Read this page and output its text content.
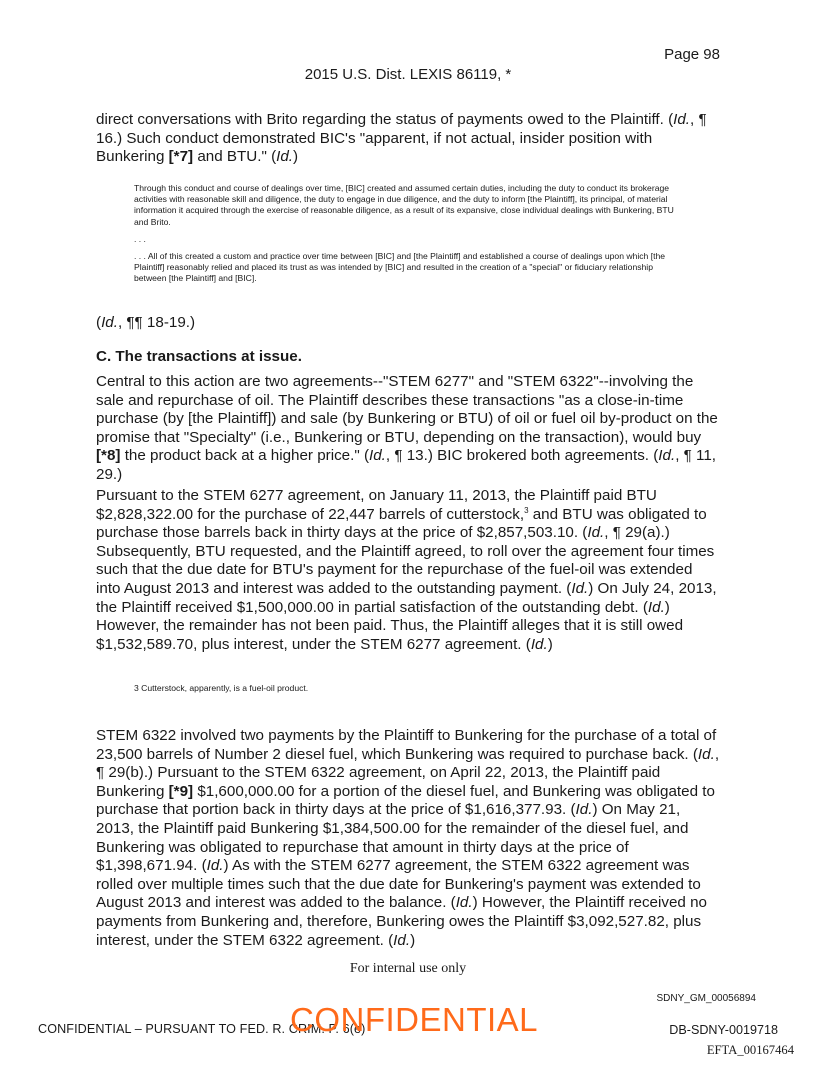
Page 98
2015 U.S. Dist. LEXIS 86119, *

direct conversations with Brito regarding the status of payments owed to the Plaintiff. (Id., ¶ 16.) Such conduct demonstrated BIC's "apparent, if not actual, insider position with Bunkering [*7] and BTU." (Id.)

Through this conduct and course of dealings over time, [BIC] created and assumed certain duties, including the duty to conduct its brokerage activities with reasonable skill and diligence, the duty to engage in due diligence, and the duty to inform [the Plaintiff], its principal, of material information it acquired through the exercise of reasonable diligence, as a result of its expansive, close individual dealings with Bunkering, BTU and Brito.

. . .

. . . All of this created a custom and practice over time between [BIC] and [the Plaintiff] and established a course of dealings upon which [the Plaintiff] reasonably relied and placed its trust as was intended by [BIC] and resulted in the creation of a "special" or fiduciary relationship between [the Plaintiff] and [BIC].

(Id., ¶¶ 18-19.)

C. The transactions at issue.

Central to this action are two agreements--"STEM 6277" and "STEM 6322"--involving the sale and repurchase of oil. The Plaintiff describes these transactions "as a close-in-time purchase (by [the Plaintiff]) and sale (by Bunkering or BTU) of oil or fuel oil by-product on the promise that "Specialty" (i.e., Bunkering or BTU, depending on the transaction), would buy [*8] the product back at a higher price." (Id., ¶ 13.) BIC brokered both agreements. (Id., ¶ 11, 29.)

Pursuant to the STEM 6277 agreement, on January 11, 2013, the Plaintiff paid BTU $2,828,322.00 for the purchase of 22,447 barrels of cutterstock,$^3$ and BTU was obligated to purchase those barrels back in thirty days at the price of $2,857,503.10. (Id., ¶ 29(a).) Subsequently, BTU requested, and the Plaintiff agreed, to roll over the agreement four times such that the due date for BTU's payment for the repurchase of the fuel-oil was extended into August 2013 and interest was added to the outstanding payment. (Id.) On July 24, 2013, the Plaintiff received $1,500,000.00 in partial satisfaction of the outstanding debt. (Id.) However, the remainder has not been paid. Thus, the Plaintiff alleges that it is still owed $1,532,589.70, plus interest, under the STEM 6277 agreement. (Id.)

3 Cutterstock, apparently, is a fuel-oil product.

STEM 6322 involved two payments by the Plaintiff to Bunkering for the purchase of a total of 23,500 barrels of Number 2 diesel fuel, which Bunkering was required to purchase back. (Id., ¶ 29(b).) Pursuant to the STEM 6322 agreement, on April 22, 2013, the Plaintiff paid Bunkering [*9] $1,600,000.00 for a portion of the diesel fuel, and Bunkering was obligated to purchase that portion back in thirty days at the price of $1,616,377.93. (Id.) On May 21, 2013, the Plaintiff paid Bunkering $1,384,500.00 for the remainder of the diesel fuel, and Bunkering was obligated to repurchase that amount in thirty days at the price of $1,398,671.94. (Id.) As with the STEM 6277 agreement, the STEM 6322 agreement was rolled over multiple times such that the due date for Bunkering's payment was extended to August 2013 and interest was added to the balance. (Id.) However, the Plaintiff received no payments from Bunkering and, therefore, Bunkering owes the Plaintiff $3,092,527.82, plus interest, under the STEM 6322 agreement. (Id.)

For internal use only
SDNY_GM_00056894
CONFIDENTIAL – PURSUANT TO FED. R. CRIM. P. 6(e)
CONFIDENTIAL	DB-SDNY-0019718
EFTA_00167464
